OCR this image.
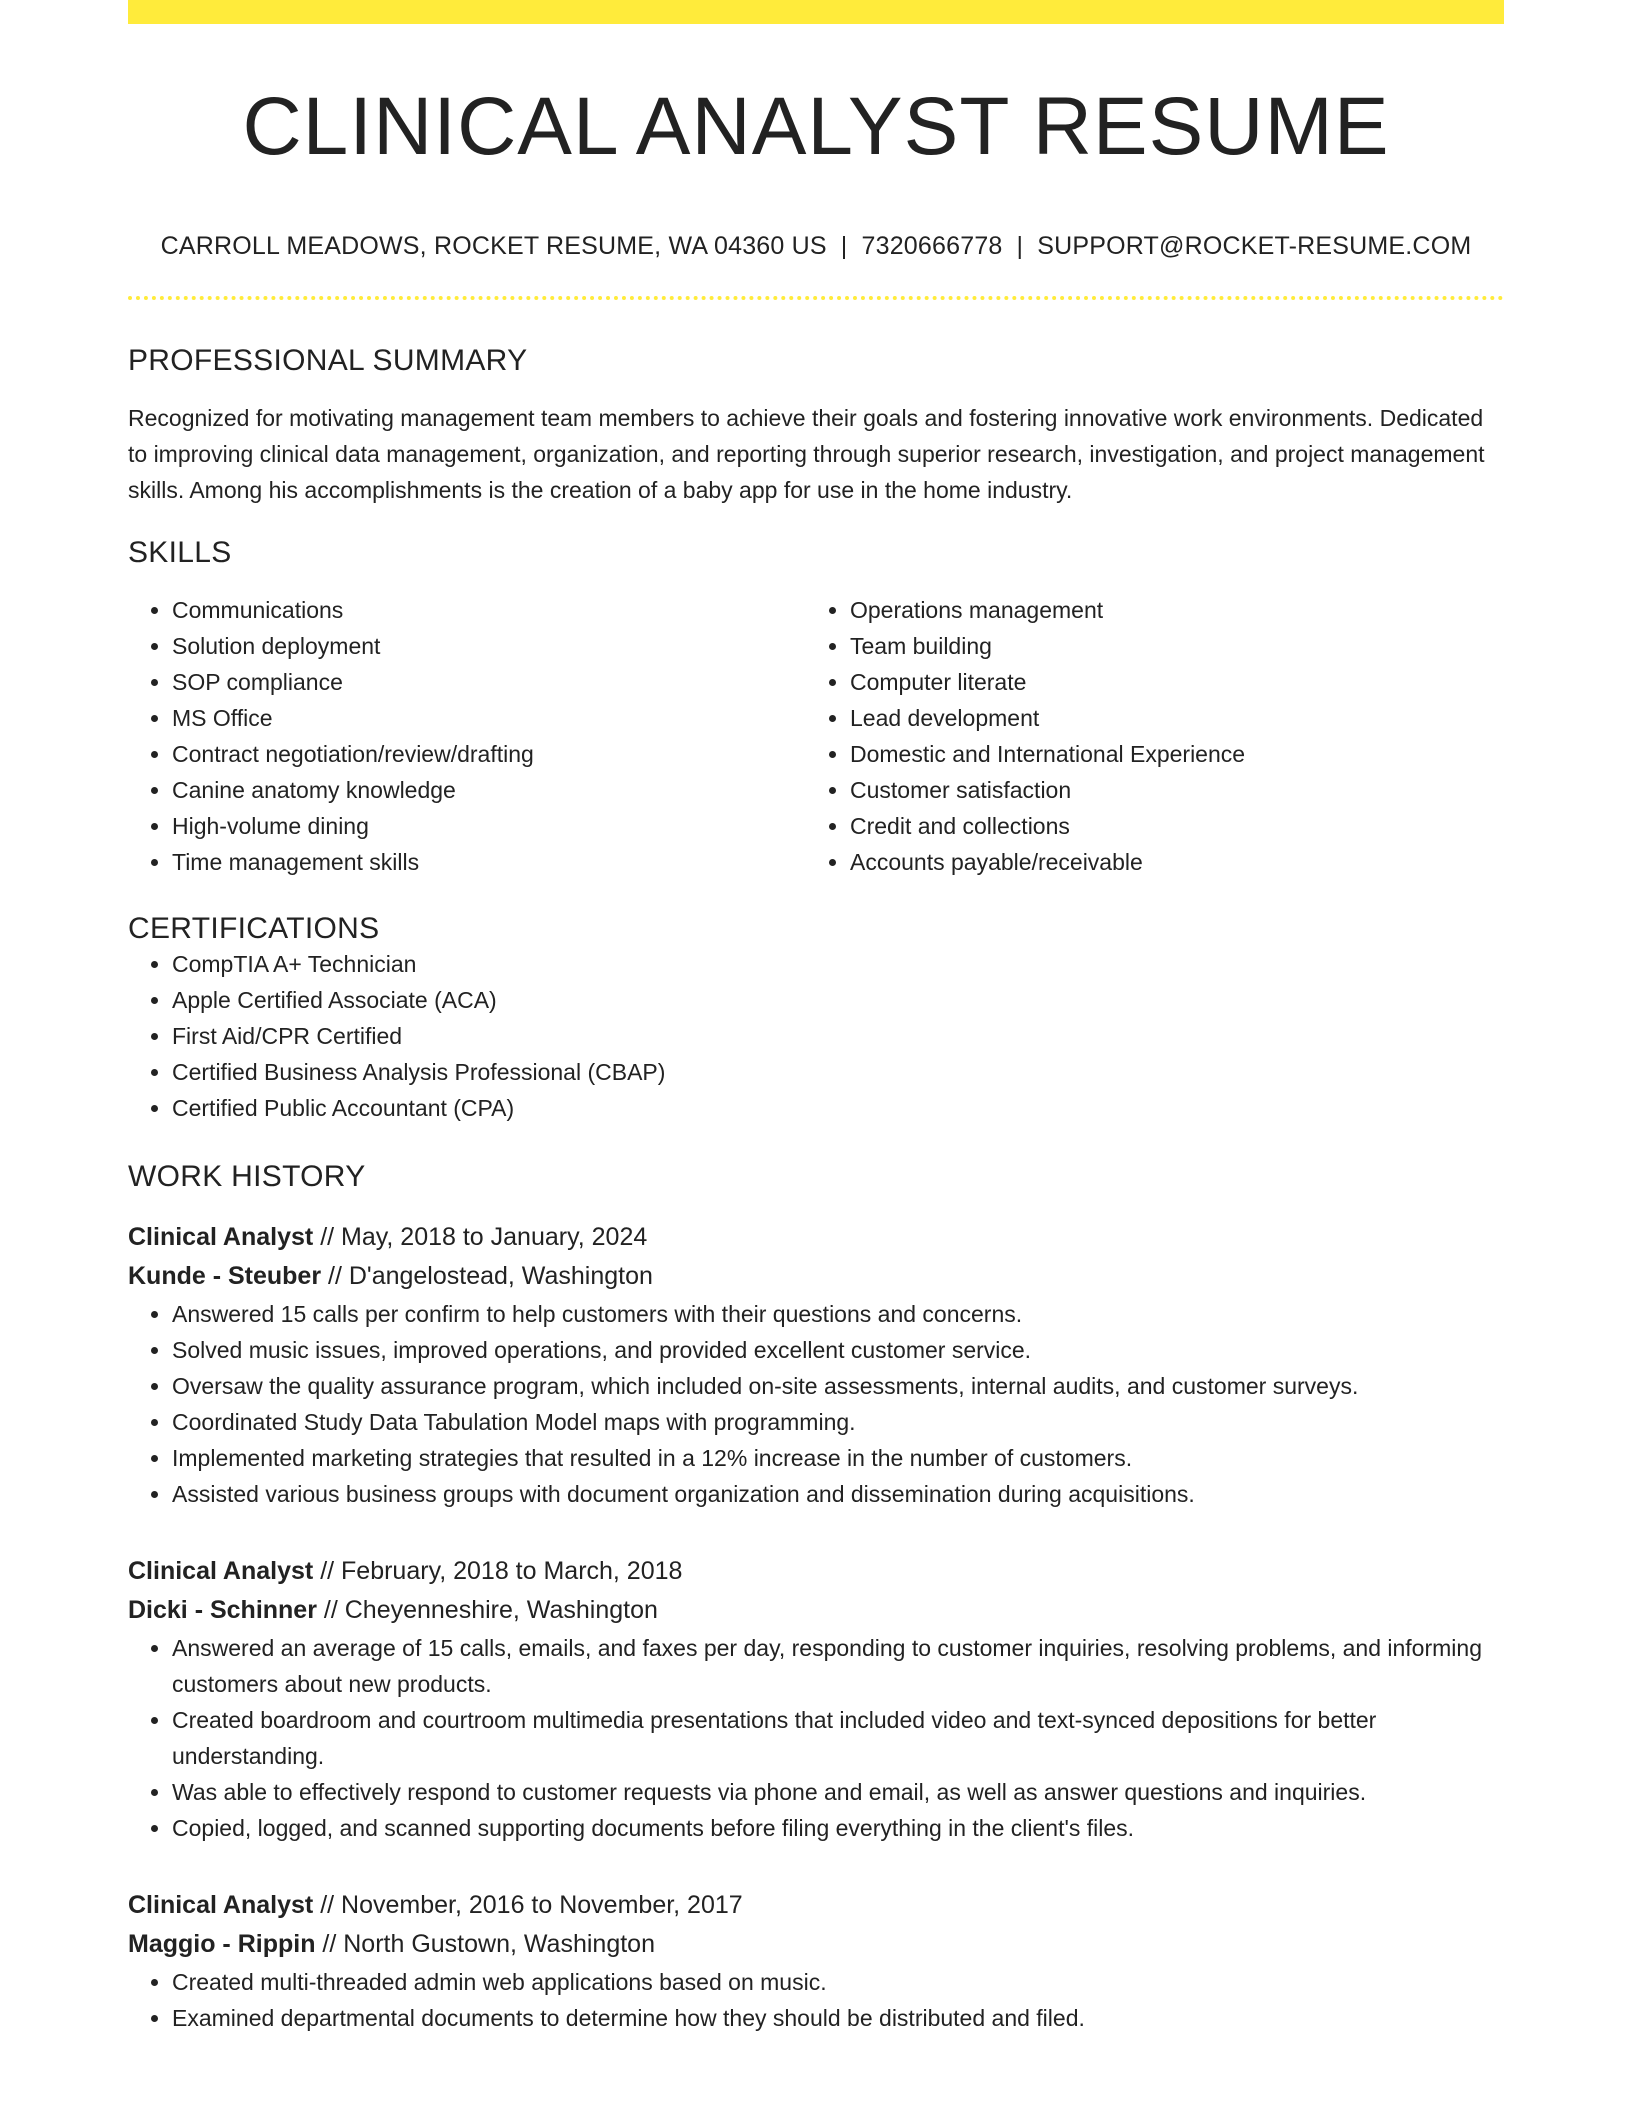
CLINICAL ANALYST RESUME
CARROLL MEADOWS, ROCKET RESUME, WA 04360 US | 7320666778 | SUPPORT@ROCKET-RESUME.COM
PROFESSIONAL SUMMARY
Recognized for motivating management team members to achieve their goals and fostering innovative work environments. Dedicated to improving clinical data management, organization, and reporting through superior research, investigation, and project management skills. Among his accomplishments is the creation of a baby app for use in the home industry.
SKILLS
• Communications
• Solution deployment
• SOP compliance
• MS Office
• Contract negotiation/review/drafting
• Canine anatomy knowledge
• High-volume dining
• Time management skills
• Operations management
• Team building
• Computer literate
• Lead development
• Domestic and International Experience
• Customer satisfaction
• Credit and collections
• Accounts payable/receivable
CERTIFICATIONS
• CompTIA A+ Technician
• Apple Certified Associate (ACA)
• First Aid/CPR Certified
• Certified Business Analysis Professional (CBAP)
• Certified Public Accountant (CPA)
WORK HISTORY
Clinical Analyst // May, 2018 to January, 2024
Kunde - Steuber // D'angelostead, Washington
• Answered 15 calls per confirm to help customers with their questions and concerns.
• Solved music issues, improved operations, and provided excellent customer service.
• Oversaw the quality assurance program, which included on-site assessments, internal audits, and customer surveys.
• Coordinated Study Data Tabulation Model maps with programming.
• Implemented marketing strategies that resulted in a 12% increase in the number of customers.
• Assisted various business groups with document organization and dissemination during acquisitions.
Clinical Analyst // February, 2018 to March, 2018
Dicki - Schinner // Cheyenneshire, Washington
• Answered an average of 15 calls, emails, and faxes per day, responding to customer inquiries, resolving problems, and informing customers about new products.
• Created boardroom and courtroom multimedia presentations that included video and text-synced depositions for better understanding.
• Was able to effectively respond to customer requests via phone and email, as well as answer questions and inquiries.
• Copied, logged, and scanned supporting documents before filing everything in the client's files.
Clinical Analyst // November, 2016 to November, 2017
Maggio - Rippin // North Gustown, Washington
• Created multi-threaded admin web applications based on music.
• Examined departmental documents to determine how they should be distributed and filed.
